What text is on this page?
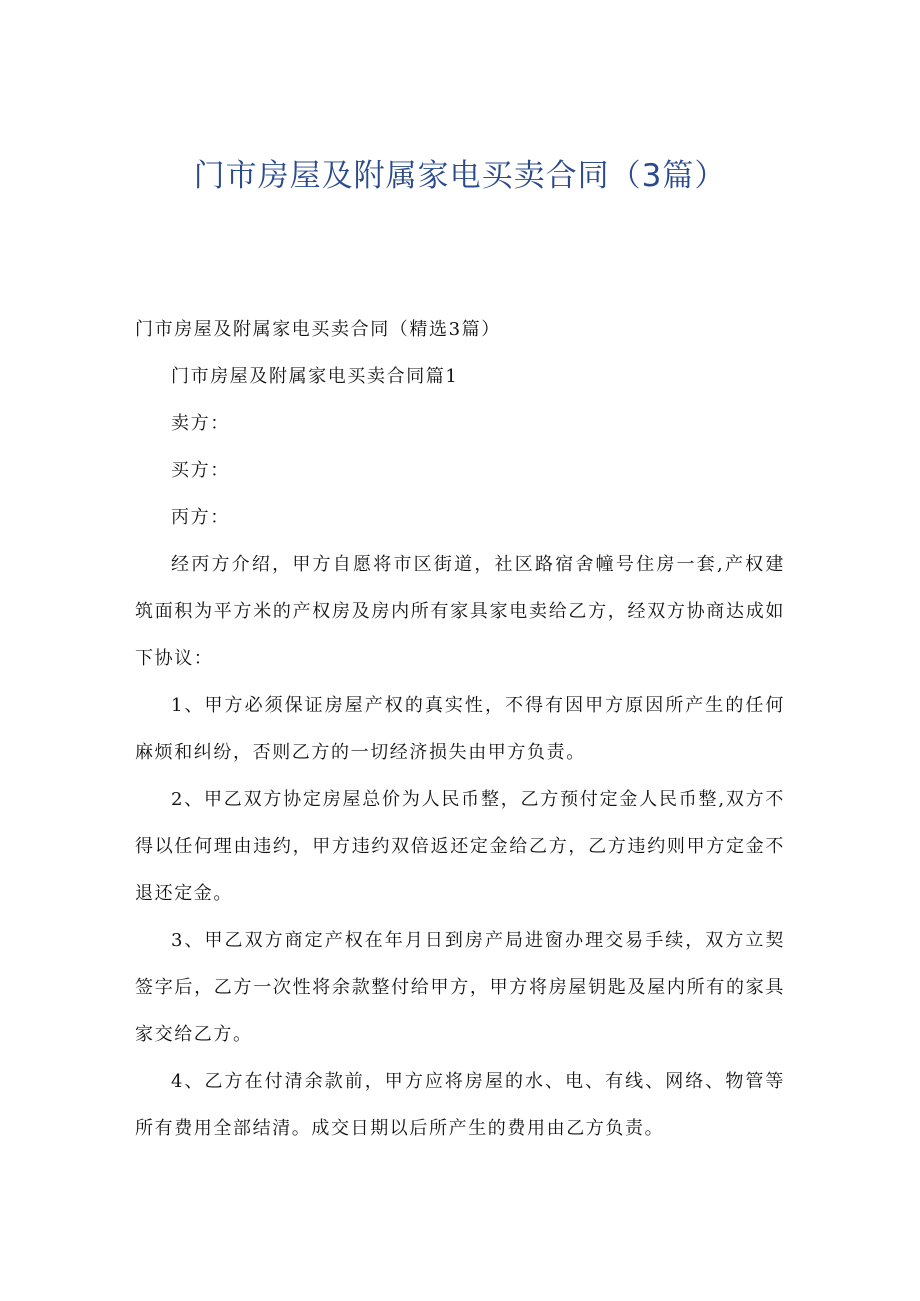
门市房屋及附属家电买卖合同（3篇）

门市房屋及附属家电买卖合同（精选3篇）

门市房屋及附属家电买卖合同篇1

卖方：

买方：

丙方：

经丙方介绍，甲方自愿将市区街道，社区路宿舍幢号住房一套,产权建筑面积为平方米的产权房及房内所有家具家电卖给乙方，经双方协商达成如下协议：

1、甲方必须保证房屋产权的真实性，不得有因甲方原因所产生的任何麻烦和纠纷，否则乙方的一切经济损失由甲方负责。

2、甲乙双方协定房屋总价为人民币整，乙方预付定金人民币整,双方不得以任何理由违约，甲方违约双倍返还定金给乙方，乙方违约则甲方定金不退还定金。

3、甲乙双方商定产权在年月日到房产局进窗办理交易手续，双方立契签字后，乙方一次性将余款整付给甲方，甲方将房屋钥匙及屋内所有的家具家交给乙方。

4、乙方在付清余款前，甲方应将房屋的水、电、有线、网络、物管等所有费用全部结清。成交日期以后所产生的费用由乙方负责。
